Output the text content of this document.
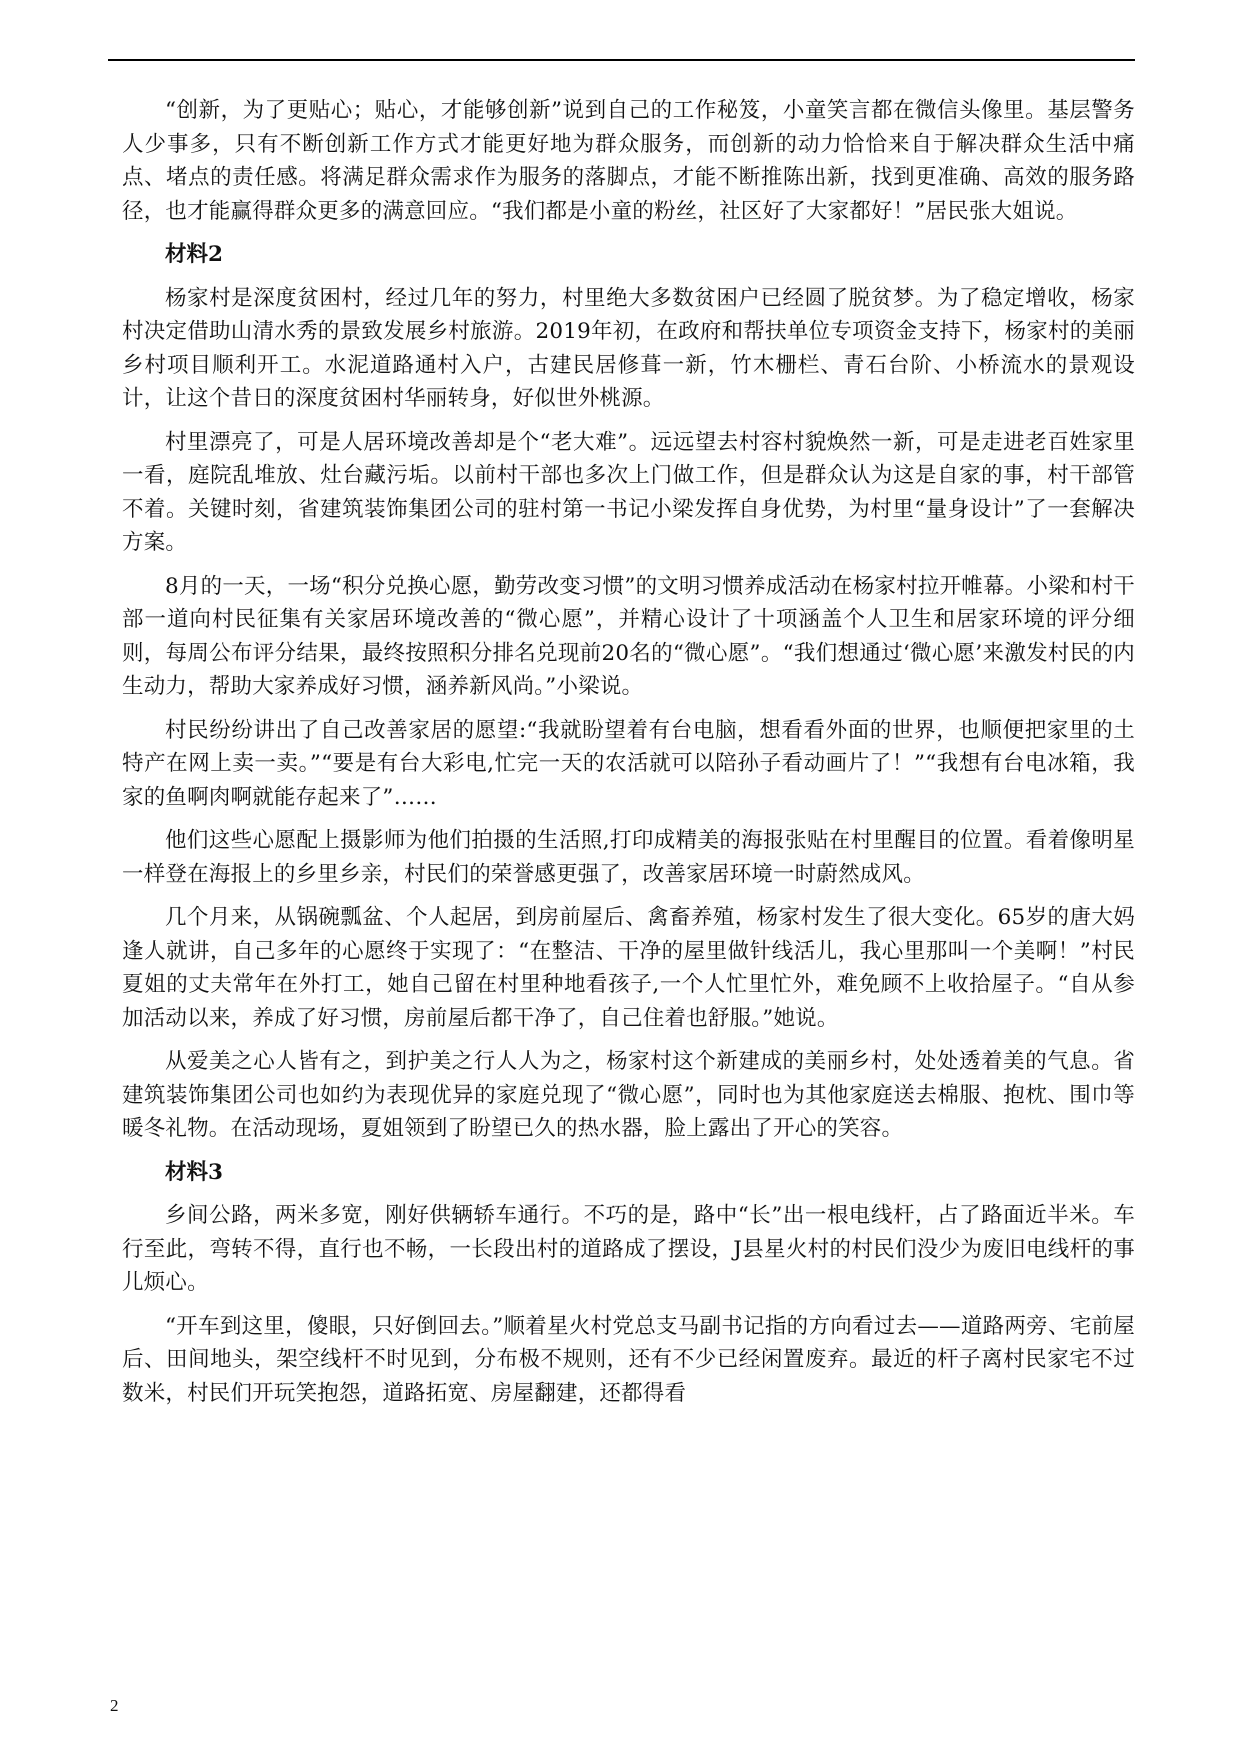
“创新，为了更贴心；贴心，才能够创新”说到自己的工作秘笈，小童笑言都在微信头像里。基层警务人少事多，只有不断创新工作方式才能更好地为群众服务，而创新的动力恰恰来自于解决群众生活中痛点、堵点的责任感。将满足群众需求作为服务的落脚点，才能不断推陈出新，找到更准确、高效的服务路径，也才能赢得群众更多的满意回应。“我们都是小童的粉丝，社区好了大家都好！”居民张大姐说。

材料2

杨家村是深度贫困村，经过几年的努力，村里绝大多数贫困户已经圆了脱贫梦。为了稳定增收，杨家村决定借助山清水秀的景致发展乡村旅游。2019年初，在政府和帮扶单位专项资金支持下，杨家村的美丽乡村项目顺利开工。水泥道路通村入户，古建民居修葺一新，竹木栅栏、青石台阶、小桥流水的景观设计，让这个昔日的深度贫困村华丽转身，好似世外桃源。

村里漂亮了，可是人居环境改善却是个“老大难”。远远望去村容村貌焕然一新，可是走进老百姓家里一看，庭院乱堆放、灶台藏污垢。以前村干部也多次上门做工作，但是群众认为这是自家的事，村干部管不着。关键时刻，省建筑装饰集团公司的驻村第一书记小梁发挥自身优势，为村里“量身设计”了一套解决方案。

8月的一天，一场“积分兑换心愿，勤劳改变习惯”的文明习惯养成活动在杨家村拉开帷幕。小梁和村干部一道向村民征集有关家居环境改善的“微心愿”，并精心设计了十项涵盖个人卫生和居家环境的评分细则，每周公布评分结果，最终按照积分排名兑现前20名的“微心愿”。“我们想通过‘微心愿’来激发村民的内生动力，帮助大家养成好习惯，涵养新风尚。”小梁说。

村民纷纷讲出了自己改善家居的愿望:“我就盼望着有台电脑，想看看外面的世界，也顺便把家里的土特产在网上卖一卖。”“要是有台大彩电,忙完一天的农活就可以陪孙子看动画片了！”“我想有台电冰箱，我家的鱼啊肉啊就能存起来了”……

他们这些心愿配上摄影师为他们拍摄的生活照,打印成精美的海报张贴在村里醒目的位置。看着像明星一样登在海报上的乡里乡亲，村民们的荣誉感更强了，改善家居环境一时蔚然成风。

几个月来，从锅碗瓢盆、个人起居，到房前屋后、禽畜养殖，杨家村发生了很大变化。65岁的唐大妈逢人就讲，自己多年的心愿终于实现了：“在整洁、干净的屋里做针线活儿，我心里那叫一个美啊！”村民夏姐的丈夫常年在外打工，她自己留在村里种地看孩子,一个人忙里忙外，难免顾不上收拾屋子。“自从参加活动以来，养成了好习惯，房前屋后都干净了，自己住着也舒服。”她说。

从爱美之心人皆有之，到护美之行人人为之，杨家村这个新建成的美丽乡村，处处透着美的气息。省建筑装饰集团公司也如约为表现优异的家庭兑现了“微心愿”，同时也为其他家庭送去棉服、抱枕、围巾等暖冬礼物。在活动现场，夏姐领到了盼望已久的热水器，脸上露出了开心的笑容。

材料3

乡间公路，两米多宽，刚好供辆轿车通行。不巧的是，路中“长”出一根电线杆，占了路面近半米。车行至此，弯转不得，直行也不畅，一长段出村的道路成了摆设，J县星火村的村民们没少为废旧电线杆的事儿烦心。

“开车到这里，傻眼，只好倒回去。”顺着星火村党总支马副书记指的方向看过去——道路两旁、宅前屋后、田间地头，架空线杆不时见到，分布极不规则，还有不少已经闲置废弃。最近的杆子离村民家宅不过数米，村民们开玩笑抱怨，道路拓宽、房屋翻建，还都得看

2
